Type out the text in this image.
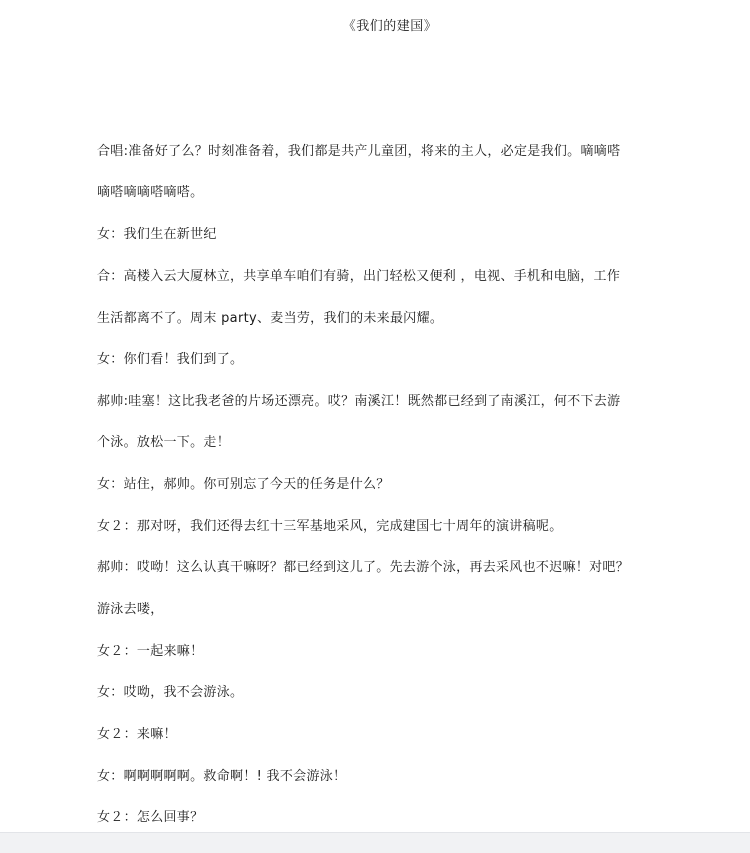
《我们的建国》
合唱:准备好了么？时刻准备着，我们都是共产儿童团，将来的主人，必定是我们。嘀嘀嗒
嘀嗒嘀嘀嗒嘀嗒。
女：我们生在新世纪
合：高楼入云大厦林立，共享单车咱们有骑，出门轻松又便利 ，电视、手机和电脑，工作
生活都离不了。周末 party、麦当劳，我们的未来最闪耀。
女：你们看！我们到了。
郝帅:哇塞！这比我老爸的片场还漂亮。哎？南溪江！既然都已经到了南溪江，何不下去游
个泳。放松一下。走！
女：站住，郝帅。你可别忘了今天的任务是什么？
女２：那对呀，我们还得去红十三军基地采风，完成建国七十周年的演讲稿呢。
郝帅：哎呦！这么认真干嘛呀？都已经到这儿了。先去游个泳，再去采风也不迟嘛！对吧？
游泳去喽，
女２：一起来嘛！
女：哎呦，我不会游泳。
女２：来嘛！
女：啊啊啊啊啊。救命啊！! 我不会游泳！
女２：怎么回事？
